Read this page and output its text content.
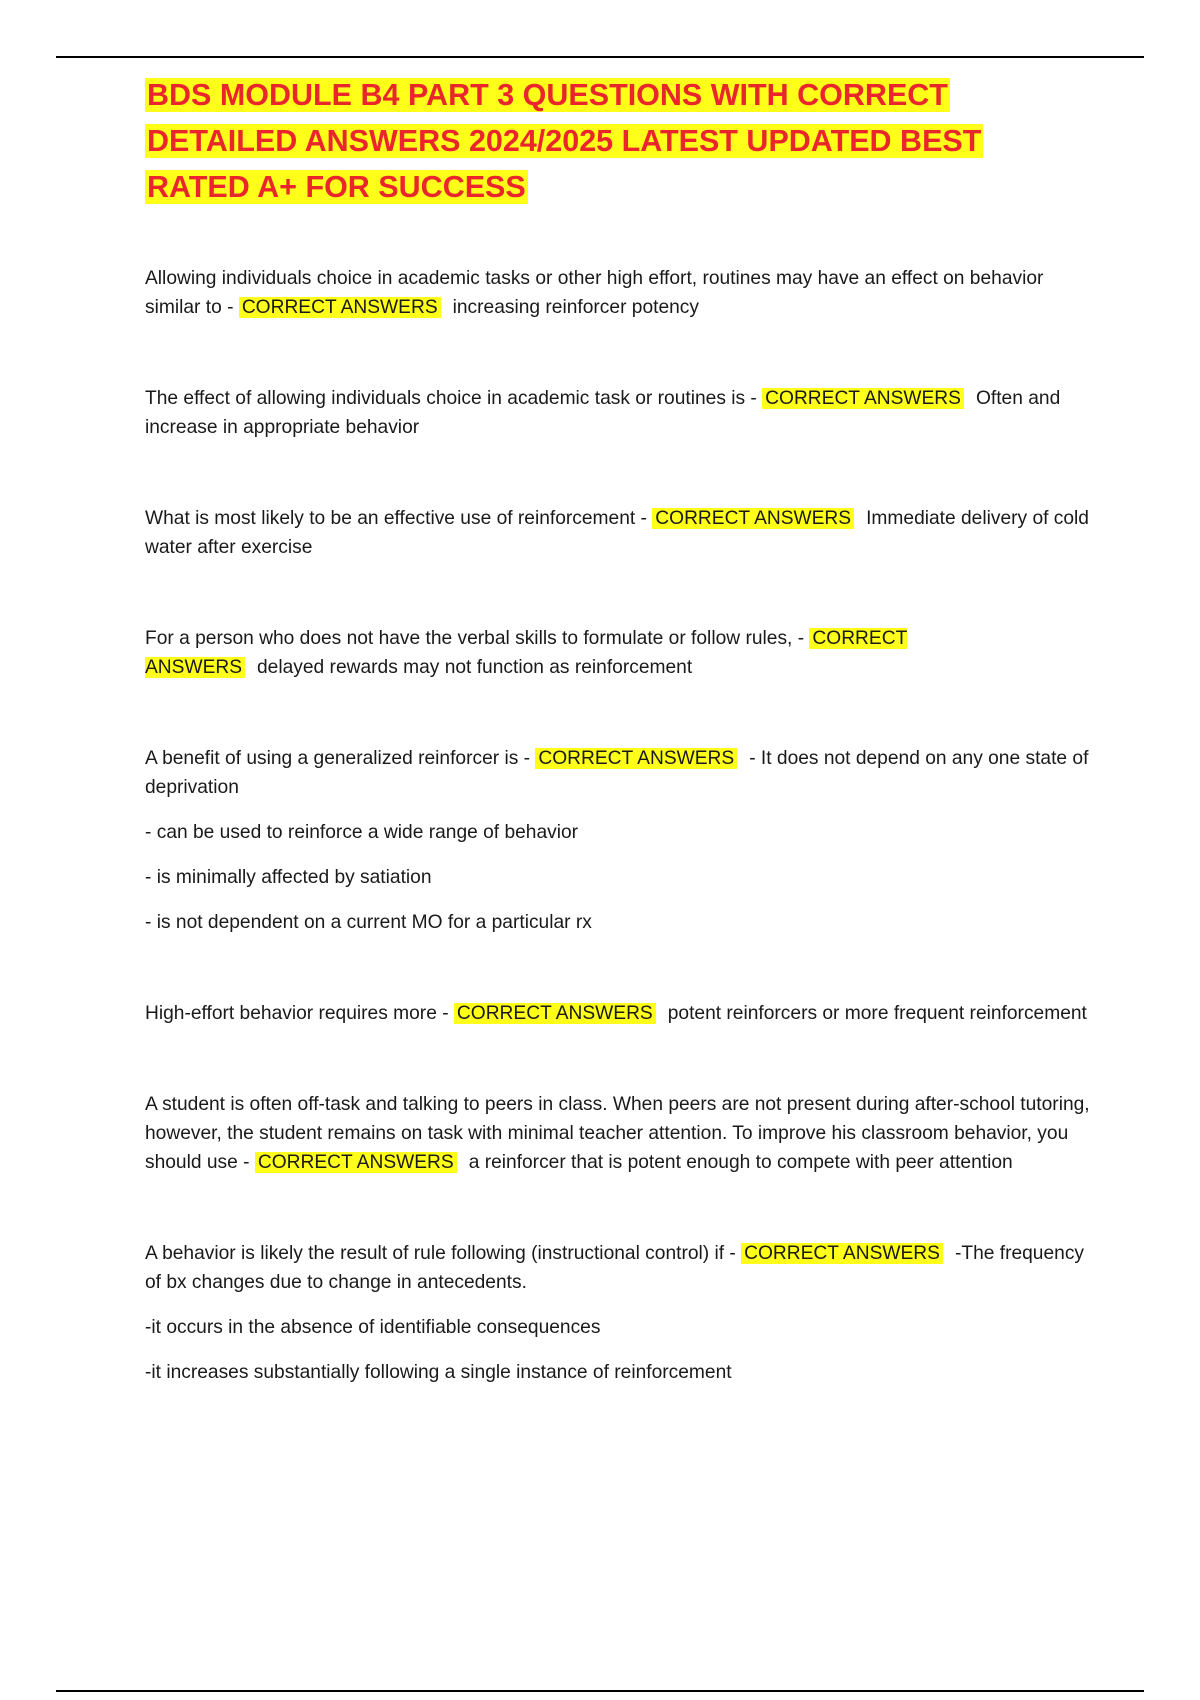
BDS MODULE B4 PART 3 QUESTIONS WITH CORRECT DETAILED ANSWERS 2024/2025 LATEST UPDATED BEST RATED A+ FOR SUCCESS

Allowing individuals choice in academic tasks or other high effort, routines may have an effect on behavior similar to - CORRECT ANSWERS increasing reinforcer potency

The effect of allowing individuals choice in academic task or routines is - CORRECT ANSWERS Often and increase in appropriate behavior

What is most likely to be an effective use of reinforcement - CORRECT ANSWERS Immediate delivery of cold water after exercise

For a person who does not have the verbal skills to formulate or follow rules, - CORRECT ANSWERS delayed rewards may not function as reinforcement

A benefit of using a generalized reinforcer is - CORRECT ANSWERS - It does not depend on any one state of deprivation

- can be used to reinforce a wide range of behavior

- is minimally affected by satiation

- is not dependent on a current MO for a particular rx

High-effort behavior requires more - CORRECT ANSWERS potent reinforcers or more frequent reinforcement

A student is often off-task and talking to peers in class. When peers are not present during after-school tutoring, however, the student remains on task with minimal teacher attention. To improve his classroom behavior, you should use - CORRECT ANSWERS a reinforcer that is potent enough to compete with peer attention

A behavior is likely the result of rule following (instructional control) if - CORRECT ANSWERS -The frequency of bx changes due to change in antecedents.

-it occurs in the absence of identifiable consequences

-it increases substantially following a single instance of reinforcement
